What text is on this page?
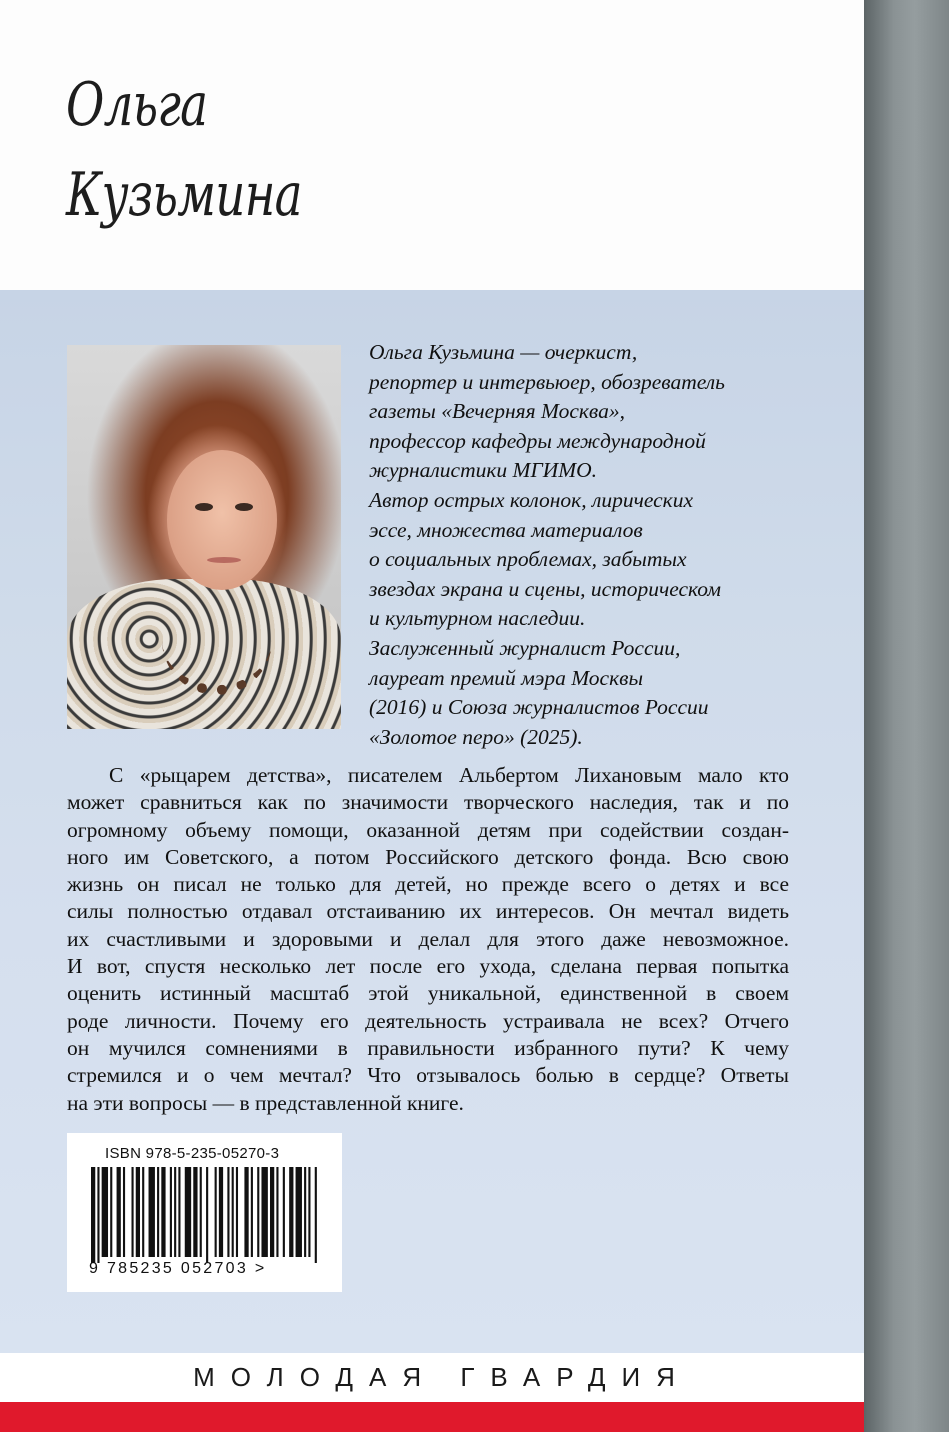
Ольга
Кузьмина

Ольга Кузьмина — очеркист,

репортер и интервьюер, обозреватель

газеты «Вечерняя Москва»,

профессор кафедры международной

журналистики МГИМО.

Автор острых колонок, лирических

эссе, множества материалов

о социальных проблемах, забытых

звездах экрана и сцены, историческом

и культурном наследии.

Заслуженный журналист России,

лауреат премий мэра Москвы

(2016) и Союза журналистов России

«Золотое перо» (2025).

С «рыцарем детства», писателем Альбертом Лихановым мало кто
может сравниться как по значимости творческого наследия, так и по
огромному объему помощи, оказанной детям при содействии создан-
ного им Советского, а потом Российского детского фонда. Всю свою
жизнь он писал не только для детей, но прежде всего о детях и все
силы полностью отдавал отстаиванию их интересов. Он мечтал видеть
их счастливыми и здоровыми и делал для этого даже невозможное.
И вот, спустя несколько лет после его ухода, сделана первая попытка
оценить истинный масштаб этой уникальной, единственной в своем
роде личности. Почему его деятельность устраивала не всех? Отчего
он мучился сомнениями в правильности избранного пути? К чему
стремился и о чем мечтал? Что отзывалось болью в сердце? Ответы
на эти вопросы — в представленной книге.

ISBN 978-5-235-05270-3
9 785235 052703 >
МОЛОДАЯ ГВАРДИЯ
